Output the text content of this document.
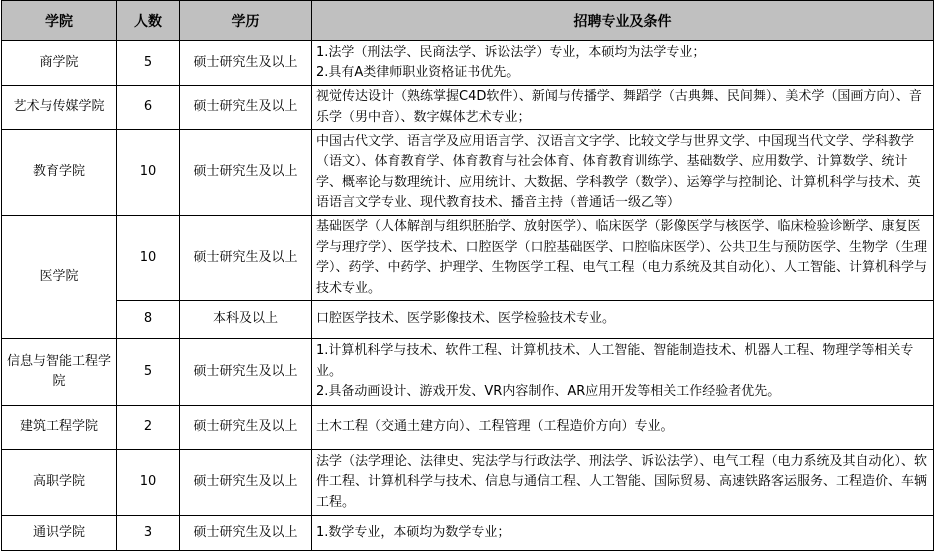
学院	人数	学历	招聘专业及条件
商学院	5	硕士研究生及以上	1.法学（刑法学、民商法学、诉讼法学）专业，本硕均为法学专业；
2.具有A类律师职业资格证书优先。

艺术与传媒学院	6	硕士研究生及以上	视觉传达设计（熟练掌握C4D软件）、新闻与传播学、舞蹈学（古典舞、民间舞）、美术学（国画方向）、音乐学（男中音）、数字媒体艺术专业；

教育学院	10	硕士研究生及以上	中国古代文学、语言学及应用语言学、汉语言文字学、比较文学与世界文学、中国现当代文学、学科教学（语文）、体育教育学、体育教育与社会体育、体育教育训练学、基础数学、应用数学、计算数学、统计学、概率论与数理统计、应用统计、大数据、学科教学（数学）、运筹学与控制论、计算机科学与技术、英语语言文学专业、现代教育技术、播音主持（普通话一级乙等）

医学院	10	硕士研究生及以上	基础医学（人体解剖与组织胚胎学、放射医学）、临床医学（影像医学与核医学、临床检验诊断学、康复医学与理疗学）、医学技术、口腔医学（口腔基础医学、口腔临床医学）、公共卫生与预防医学、生物学（生理学）、药学、中药学、护理学、生物医学工程、电气工程（电力系统及其自动化）、人工智能、计算机科学与技术专业。

	8	本科及以上	口腔医学技术、医学影像技术、医学检验技术专业。

信息与智能工程学院	5	硕士研究生及以上	1.计算机科学与技术、软件工程、计算机技术、人工智能、智能制造技术、机器人工程、物理学等相关专业。
2.具备动画设计、游戏开发、VR内容制作、AR应用开发等相关工作经验者优先。

建筑工程学院	2	硕士研究生及以上	土木工程（交通土建方向）、工程管理（工程造价方向）专业。

高职学院	10	硕士研究生及以上	法学（法学理论、法律史、宪法学与行政法学、刑法学、诉讼法学）、电气工程（电力系统及其自动化）、软件工程、计算机科学与技术、信息与通信工程、人工智能、国际贸易、高速铁路客运服务、工程造价、车辆工程。

通识学院	3	硕士研究生及以上	1.数学专业，本硕均为数学专业；
